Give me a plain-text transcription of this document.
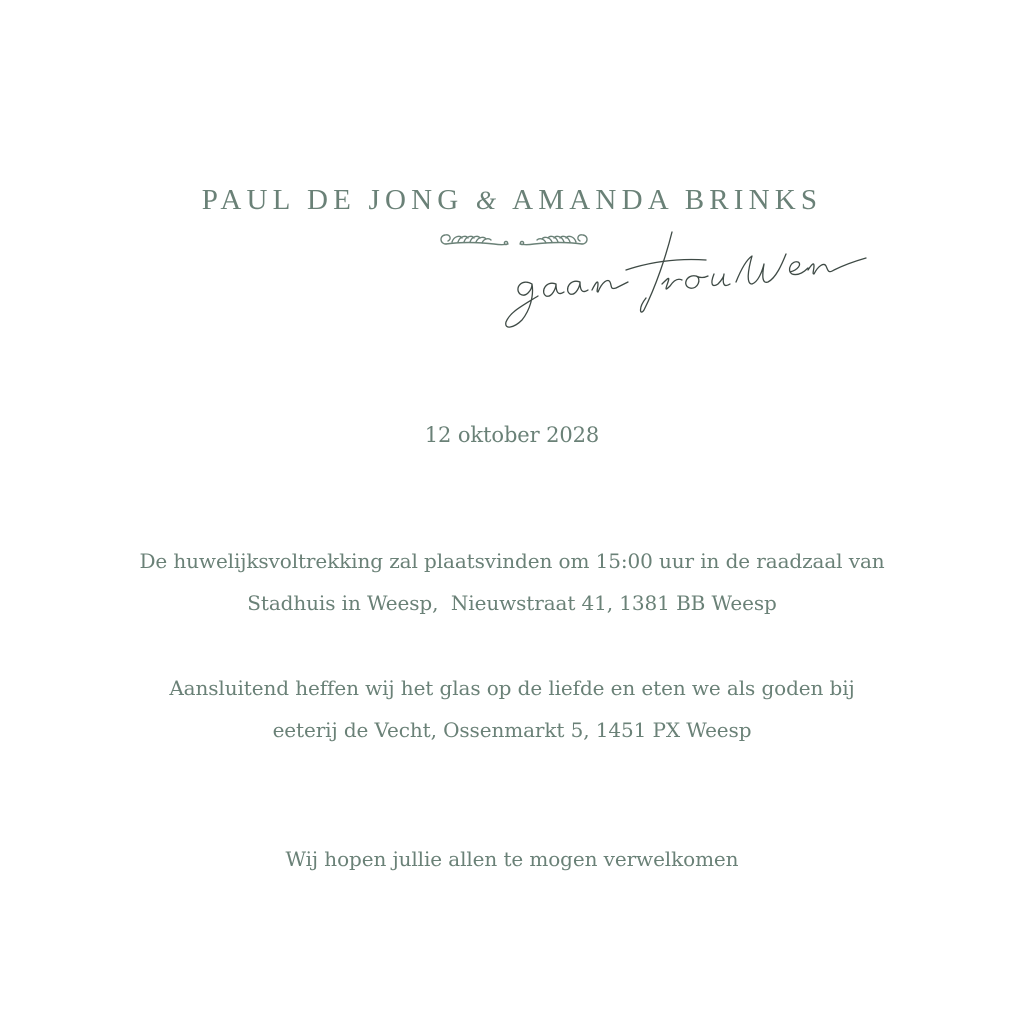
PAUL DE JONG & AMANDA BRINKS
12 oktober 2028
De huwelijksvoltrekking zal plaatsvinden om 15:00 uur in de raadzaal van
Stadhuis in Weesp,  Nieuwstraat 41, 1381 BB Weesp
Aansluitend heffen wij het glas op de liefde en eten we als goden bij
eeterij de Vecht, Ossenmarkt 5, 1451 PX Weesp
Wij hopen jullie allen te mogen verwelkomen
